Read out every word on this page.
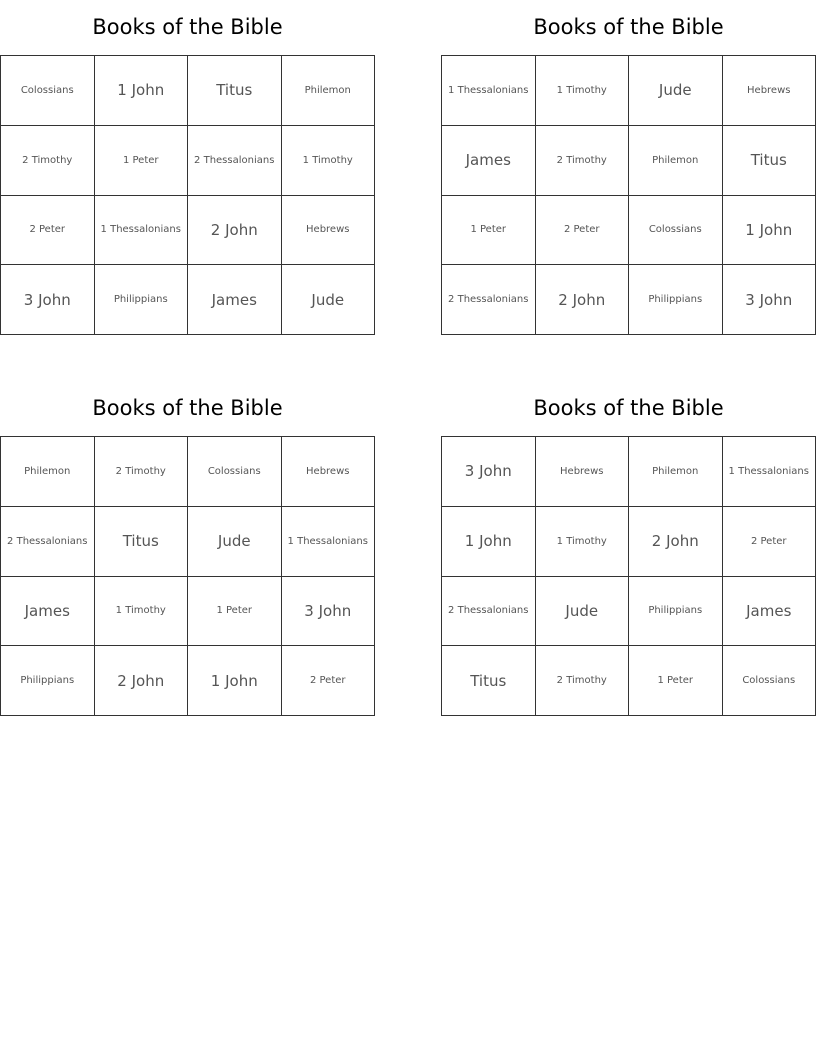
Books of the Bible
Colossians	1 John	Titus	Philemon
2 Timothy	1 Peter	2 Thessalonians	1 Timothy
2 Peter	1 Thessalonians	2 John	Hebrews
3 John	Philippians	James	Jude
Books of the Bible
1 Thessalonians	1 Timothy	Jude	Hebrews
James	2 Timothy	Philemon	Titus
1 Peter	2 Peter	Colossians	1 John
2 Thessalonians	2 John	Philippians	3 John
Books of the Bible
Philemon	2 Timothy	Colossians	Hebrews
2 Thessalonians	Titus	Jude	1 Thessalonians
James	1 Timothy	1 Peter	3 John
Philippians	2 John	1 John	2 Peter
Books of the Bible
3 John	Hebrews	Philemon	1 Thessalonians
1 John	1 Timothy	2 John	2 Peter
2 Thessalonians	Jude	Philippians	James
Titus	2 Timothy	1 Peter	Colossians
